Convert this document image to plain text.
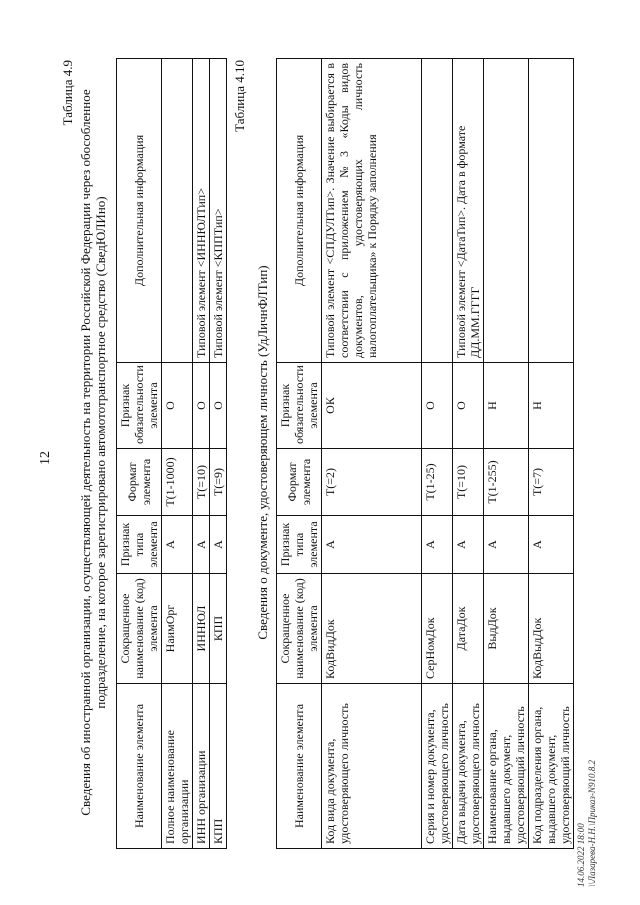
12
Таблица 4.9 Сведения об иностранной организации, осуществляющей деятельность на территории Российской Федерации через обособленное подразделение, на которое зарегистрировано автомототранспортное средство (СведЮЛИно)
Наименование элемента	Сокращенное наименование (код) элемента	Признак типа элемента	Формат элемента	Признак обязательности элемента	Дополнительная информация
Полное наименование организации	НаимОрг	А	T(1-1000)	О	
ИНН организации	ИННЮЛ	А	T(=10)	О	Типовой элемент <ИННЮЛТип>
КПП	КПП	А	T(=9)	О	Типовой элемент <КППТип>
Таблица 4.10
Сведения о документе, удостоверяющем личность (УдЛичнФЛТип)
Наименование элемента	Сокращенное наименование (код) элемента	Признак типа элемента	Формат элемента	Признак обязательности элемента	Дополнительная информация
Код вида документа, удостоверяющего личность	КодВидДок	А	T(=2)	ОК	Типовой элемент <СПДУЛТип>. Значение выбирается в соответствии с приложением №3 «Коды видов документов, удостоверяющих личность налогоплательщика» к Порядку заполнения
Серия и номер документа, удостоверяющего личность	СерНомДок	А	T(1-25)	О	
Дата выдачи документа, удостоверяющего личность	ДатаДок	А	T(=10)	О	Типовой элемент <ДатаТип>. Дата в формате ДД.ММ.ГГГГ
Наименование органа, выдавшего документ, удостоверяющий личность	ВыдДок	А	T(1-255)	Н	
Код подразделения органа, выдавшего документ, удостоверяющий личность	КодВыдДок	А	T(=7)	Н	
14.06.2022 18:00 \\Лазарева-Н.Н.\Приказ-N910.8.2
